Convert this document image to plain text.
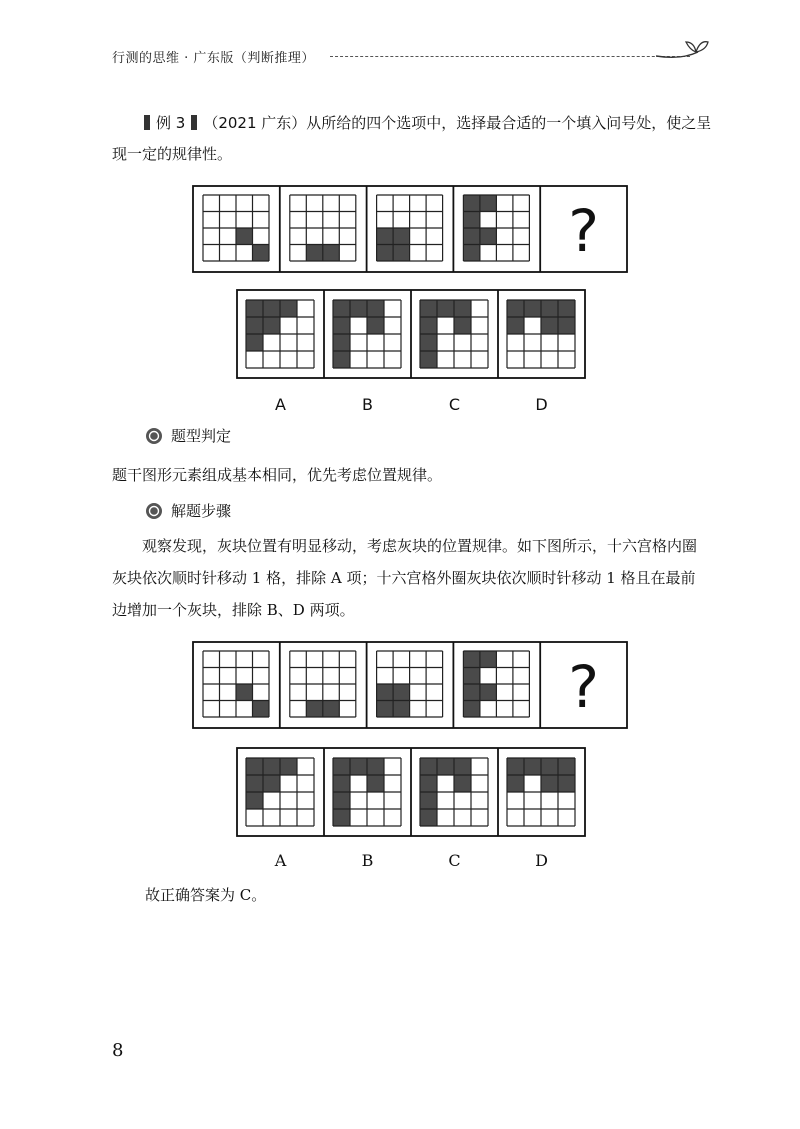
行测的思维 · 广东版（判断推理）
例 3 （2021 广东）从所给的四个选项中，选择最合适的一个填入问号处，使之呈现一定的规律性。
?
A	B	C	D
题型判定
题干图形元素组成基本相同，优先考虑位置规律。
解题步骤
观察发现，灰块位置有明显移动，考虑灰块的位置规律。如下图所示，十六宫格内圈灰块依次顺时针移动 1 格，排除 A 项；十六宫格外圈灰块依次顺时针移动 1 格且在最前边增加一个灰块，排除 B、D 两项。
?
A	B	C	D
故正确答案为 C。
8
